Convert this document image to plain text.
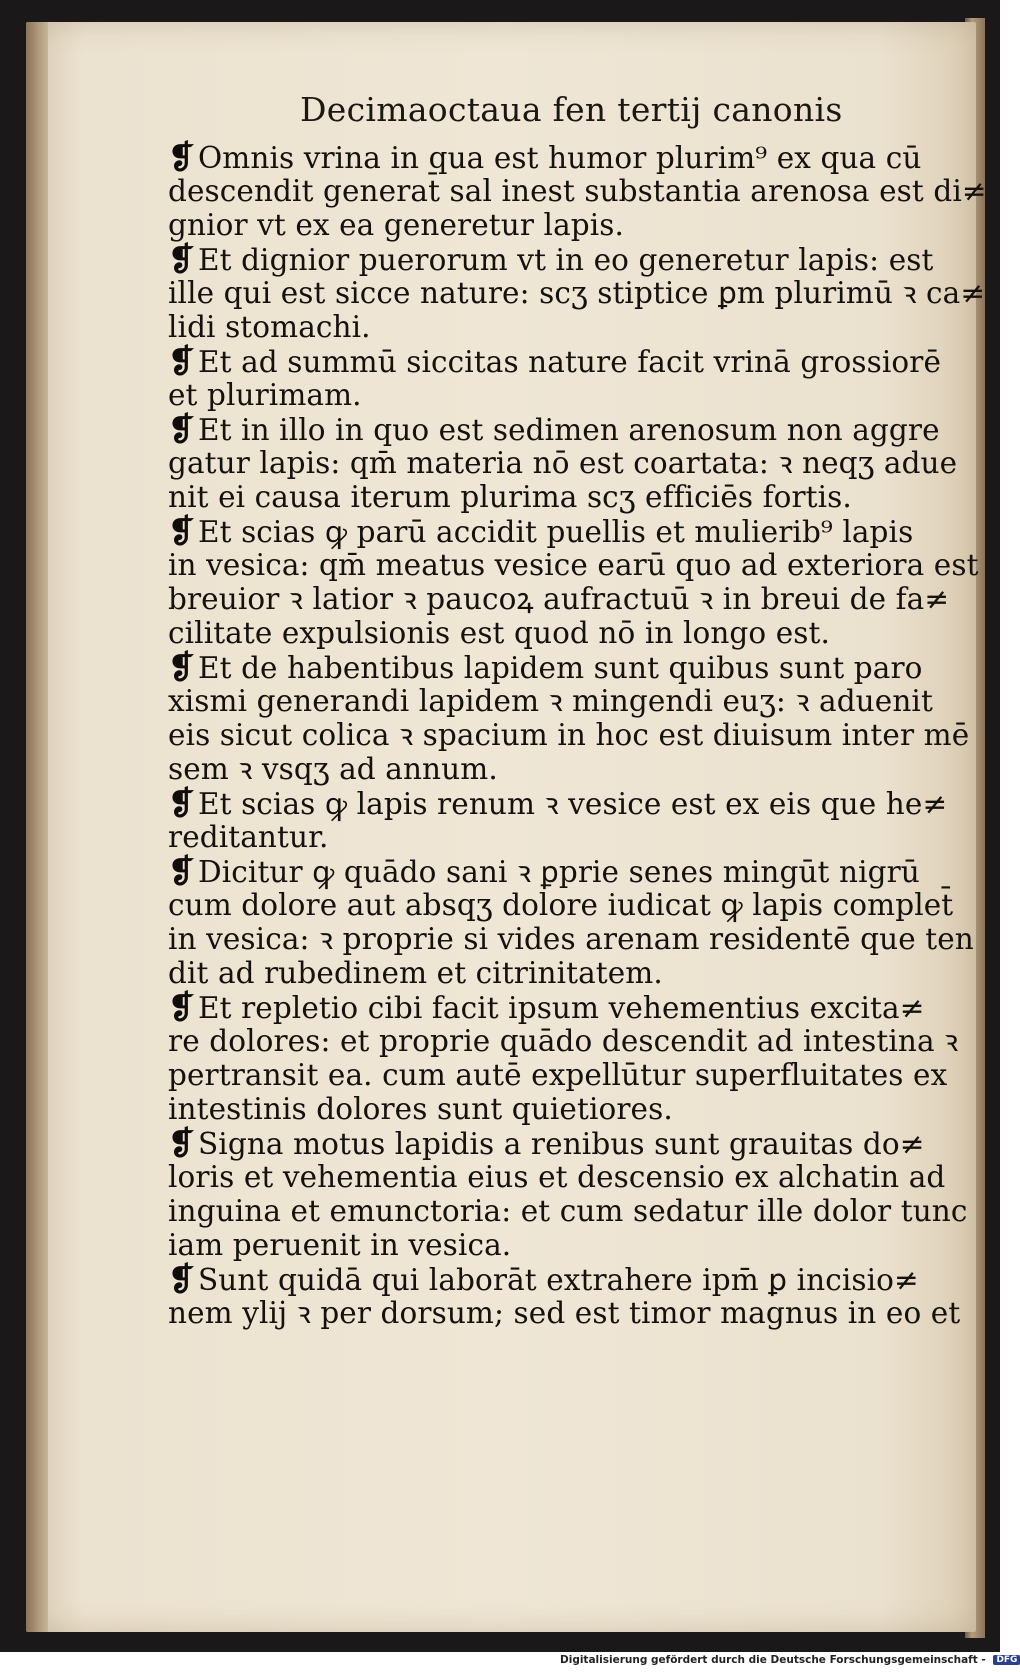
Decimaoctaua fen tertij canonis
❡ Omnis vrina in qua est humor plurim⁹ ex qua cū
descendit generat̄ sal inest substantia arenosa est di≠
gnior vt ex ea generetur lapis.
❡ Et dignior puerorum vt in eo generetur lapis: est
ille qui est sicce nature: scʒ stiptice ꝑm plurimū ꝛ ca≠
lidi stomachi.
❡ Et ad summū siccitas nature facit vrinā grossiorē
et plurimam.
❡ Et in illo in quo est sedimen arenosum non aggre
gatur lapis: qm̄ materia nō est coartata: ꝛ neqʒ adue
nit ei causa iterum plurima scʒ efficiēs fortis.
❡ Et scias ꝙ parū accidit puellis et mulierib⁹ lapis
in vesica: qm̄ meatus vesice earū quo ad exteriora est
breuior ꝛ latior ꝛ paucoꝝ aufractuū ꝛ in breui de fa≠
cilitate expulsionis est quod nō in longo est.
❡ Et de habentibus lapidem sunt quibus sunt paro
xismi generandi lapidem ꝛ mingendi euʒ: ꝛ aduenit
eis sicut colica ꝛ spacium in hoc est diuisum inter mē
sem ꝛ vsqʒ ad annum.
❡ Et scias ꝙ lapis renum ꝛ vesice est ex eis que he≠
reditantur.
❡ Dicitur ꝙ quādo sani ꝛ ꝑprie senes mingūt nigrū
cum dolore aut absqʒ dolore iudicat ꝙ lapis complet̄
in vesica: ꝛ proprie si vides arenam residentē que ten
dit ad rubedinem et citrinitatem.
❡ Et repletio cibi facit ipsum vehementius excita≠
re dolores: et proprie quādo descendit ad intestina ꝛ
pertransit ea. cum autē expellūtur superfluitates ex
intestinis dolores sunt quietiores.
❡ Signa motus lapidis a renibus sunt grauitas do≠
loris et vehementia eius et descensio ex alchatin ad
inguina et emunctoria: et cum sedatur ille dolor tunc
iam peruenit in vesica.
❡ Sunt quidā qui laborāt extrahere ipm̄ ꝑ incisio≠
nem ylij ꝛ per dorsum; sed est timor magnus in eo et
Digitalisierung gefördert durch die Deutsche Forschungsgemeinschaft - DFG
